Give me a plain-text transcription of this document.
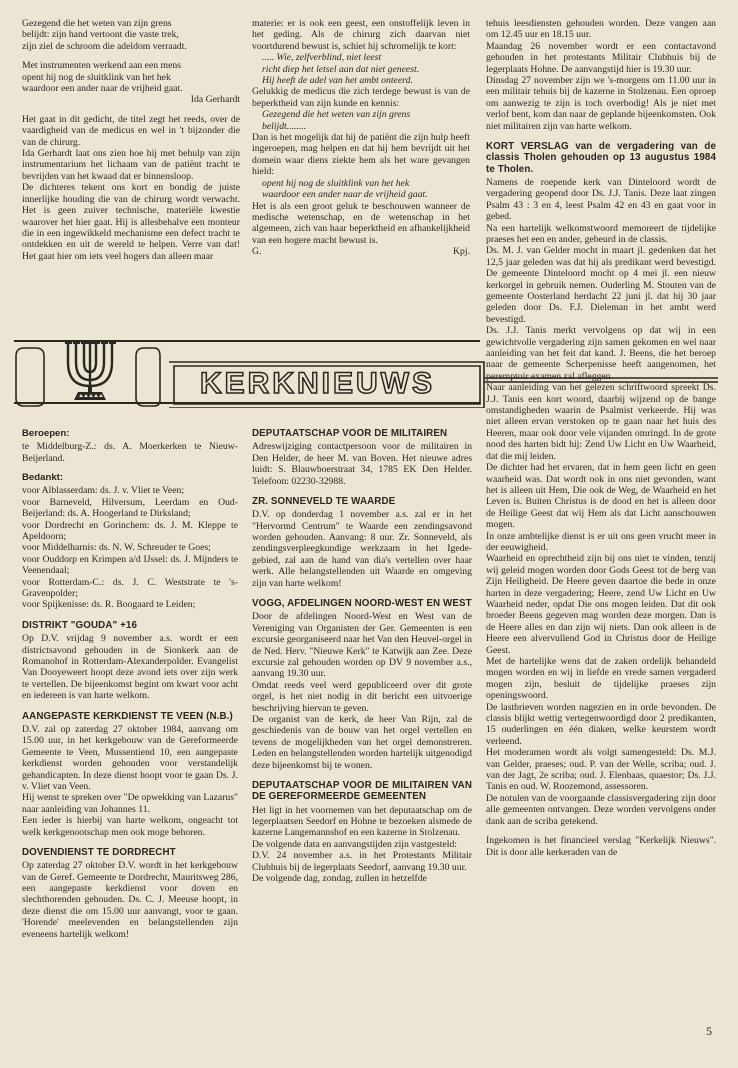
Gezegend die het weten van zijn grens
belijdt: zijn hand vertoont die vaste trek,
zijn ziel de schroom die adeldom verraadt.
Met instrumenten werkend aan een mens
opent hij nog de sluitklink van het hek
waardoor een ander naar de vrijheid gaat.
Ida Gerhardt

Het gaat in dit gedicht, de titel zegt het reeds, over de vaardigheid van de medicus en wel in 't bijzonder die van de chirurg.

Ida Gerhardt laat ons zien hoe hij met behulp van zijn instrumentarium het lichaam van de patiënt tracht te bevrijden van het kwaad dat er binnensloop.

De dichteres tekent ons kort en bondig de juiste innerlijke houding die van de chirurg wordt verwacht. Het is geen zuiver technische, materiële kwestie waarover het hier gaat. Hij is allesbehalve een monteur die in een ingewikkeld mechanisme een defect tracht te ontdekken en uit de wereld te helpen. Verre van dat! Het gaat hier om iets veel hogers dan alleen maar

materie: er is ook een geest, een onstoffelijk leven in het geding. Als de chirurg zich daarvan niet voortdurend bewust is, schiet hij schromelijk te kort:

..... Wie, zelfverblind, niet leest
richt diep het letsel aan dat niet geneest.
Hij heeft de adel van het ambt onteerd.

Gelukkig de medicus die zich terdege bewust is van de beperktheid van zijn kunde en kennis:

Gezegend die het weten van zijn grens
belijdt........

Dan is het mogelijk dat hij de patiënt die zijn hulp heeft ingeroepen, mag helpen en dat hij hem bevrijdt uit het domein waar diens ziekte hem als het ware gevangen hield:

opent hij nog de sluitklink van het hek
waardoor een ander naar de vrijheid gaat.

Het is als een groot geluk te beschouwen wanneer de medische wetenschap, en de wetenschap in het algemeen, zich van haar beperktheid en afhankelijkheid van een hogere macht bewust is.

G.	Kpj.

tehuis leesdiensten gehouden worden. Deze vangen aan om 12.45 uur en 18.15 uur.

Maandag 26 november wordt er een contactavond gehouden in het protestants Militair Clubhuis bij de legerplaats Hohne. De aanvangstijd hier is 19.30 uur.

Dinsdag 27 november zijn we 's-morgens om 11.00 uur in een militair tehuis bij de kazerne in Stolzenau. Een oproep om aanwezig te zijn is toch overbodig! Als je niet met verlof bent, kom dan naar de geplande bijeenkomsten. Ook niet militairen zijn van harte welkom.

KORT VERSLAG van de vergadering van de classis Tholen gehouden op 13 augustus 1984 te Tholen.

Namens de roepende kerk van Dinteloord wordt de vergadering geopend door Ds. J.J. Tanis. Deze laat zingen Psalm 43 : 3 en 4, leest Psalm 42 en 43 en gaat voor in gebed.

Na een hartelijk welkomstwoord memoreert de tijdelijke praeses het een en ander, gebeurd in de classis.

Ds. M. J. van Gelder mocht in maart jl. gedenken dat het 12,5 jaar geleden was dat hij als predikant werd bevestigd. De gemeente Dinteloord mocht op 4 mei jl. een nieuw kerkorgel in gebruik nemen. Ouderling M. Stouten van de gemeente Oosterland herdacht 22 juni jl. dat hij 30 jaar geleden door Ds. F.J. Dieleman in het ambt werd bevestigd.

Ds. J.J. Tanis merkt vervolgens op dat wij in een gewichtvolle vergadering zijn samen gekomen en wel naar aanleiding van het feit dat kand. J. Beens, die het beroep naar de gemeente Scherpenisse heeft aangenomen, het peremptoir examen zal afleggen.

Naar aanleiding van het gelezen schriftwoord spreekt Ds. J.J. Tanis een kort woord, daarbij wijzend op de bange omstandigheden waarin de Psalmist verkeerde. Hij was niet alleen ervan verstoken op te gaan naar het huis des Heeren, maar ook door vele vijanden omringd. In de grote nood des harten bidt hij: Zend Uw Licht en Uw Waarheid, dat die mij leiden.

De dichter had het ervaren, dat in hem geen licht en geen waarheid was. Dat wordt ook in ons niet gevonden, want het is alleen uit Hem, Die ook de Weg, de Waarheid en het Leven is. Buiten Christus is de dood en het is alleen door de Heilige Geest dat wij Hem als dat Licht aanschouwen mogen.

In onze ambtelijke dienst is er uit ons geen vrucht meer in der eeuwigheid.

Waarheid en oprechtheid zijn bij ons niet te vinden, tenzij wij geleid mogen worden door Gods Geest tot de berg van Zijn Heiligheid. De Heere geven daartoe die bede in onze harten in deze vergadering; Heere, zend Uw Licht en Uw Waarheid neder, opdat Die ons mogen leiden. Dat dit ook broeder Beens gegeven mag worden deze morgen. Dan is de Heere alles en dan zijn wij niets. Dan ook alleen is de Heere een alvervullend God in Christus door de Heilige Geest.

Met de hartelijke wens dat de zaken ordelijk behandeld mogen worden en wij in liefde en vrede samen vergaderd mogen zijn, besluit de tijdelijke praeses zijn openingswoord.

De lastbrieven worden nagezien en in orde bevonden. De classis blijkt wettig vertegenwoordigd door 2 predikanten, 15 ouderlingen en één diaken, welke keurstem wordt verleend.

Het moderamen wordt als volgt samengesteld: Ds. M.J. van Gelder, praeses; oud. P. van der Welle, scriba; oud. J. van der Jagt, 2e scriba; oud. J. Elenbaas, quaestor; Ds. J.J. Tanis en oud. W. Roozemond, assessoren.

De notulen van de voorgaande classisvergadering zijn door alle gemeenten ontvangen. Deze worden vervolgens onder dank aan de scriba getekend.

Ingekomen is het financieel verslag "Kerkelijk Nieuws". Dit is door alle kerkeraden van de

KERKNIEUWS
Beroepen:

te Middelburg-Z.: ds. A. Moerkerken te Nieuw-Beijerland.

Bedankt:

voor Alblasserdam: ds. J. v. Vliet te Veen;

voor Barneveld, Hilversum, Leerdam en Oud-Beijerland: ds. A. Hoogerland te Dirksland;

voor Dordrecht en Gorinchem: ds. J. M. Kleppe te Apeldoorn;

voor Middelharnis: ds. N. W. Schreuder te Goes;

voor Ouddorp en Krimpen a/d IJssel: ds. J. Mijnders te Veenendaal;

voor Rotterdam-C.: ds. J. C. Weststrate te 's-Gravenpolder;

voor Spijkenisse: ds. R. Boogaard te Leiden;

DISTRIKT "GOUDA" +16

Op D.V. vrijdag 9 november a.s. wordt er een districtsavond gehouden in de Sionkerk aan de Romanohof in Rotterdam-Alexanderpolder. Evangelist Van Dooyeweert hoopt deze avond iets over zijn werk te vertellen. De bijeenkomst begint om kwart voor acht en iedereen is van harte welkom.

AANGEPASTE KERKDIENST TE VEEN (N.B.)

D.V. zal op zaterdag 27 oktober 1984, aanvang om 15.00 uur, in het kerkgebouw van de Gereformeerde Gemeente te Veen, Mussentiend 10, een aangepaste kerkdienst worden gehouden voor verstandelijk gehandicapten. In deze dienst hoopt voor te gaan Ds. J. v. Vliet van Veen.

Hij wenst te spreken over "De opwekking van Lazarus" naar aanleiding van Johannes 11.

Een ieder is hierbij van harte welkom, ongeacht tot welk kerkgenootschap men ook moge behoren.

DOVENDIENST TE DORDRECHT

Op zaterdag 27 oktober D.V. wordt in het kerkgebouw van de Geref. Gemeente te Dordrecht, Mauritsweg 286, een aangepaste kerkdienst voor doven en slechthorenden gehouden. Ds. C. J. Meeuse hoopt, in deze dienst die om 15.00 uur aanvangt, voor te gaan. 'Horende' meelevenden en belangstellenden zijn eveneens hartelijk welkom!

DEPUTAATSCHAP VOOR DE MILITAIREN

Adreswijziging contactpersoon voor de militairen in Den Helder, de heer M. van Boven. Het nieuwe adres luidt: S. Blauwboerstraat 34, 1785 EK Den Helder. Telefoon: 02230-32988.

ZR. SONNEVELD TE WAARDE

D.V. op donderdag 1 november a.s. zal er in het "Hervormd Centrum" te Waarde een zendingsavond worden gehouden. Aanvang: 8 uur. Zr. Sonneveld, als zendingsverpleegkundige werkzaam in het Igede-gebied, zal aan de hand van dia's vertellen over haar werk. Alle belangstellenden uit Waarde en omgeving zijn van harte welkom!

VOGG, AFDELINGEN NOORD-WEST EN WEST

Door de afdelingen Noord-West en West van de Vereniging van Organisten der Ger. Gemeenten is een excursie georganiseerd naar het Van den Heuvel-orgel in de Ned. Herv. "Nieuwe Kerk" te Katwijk aan Zee. Deze excursie zal gehouden worden op DV 9 november a.s., aanvang 19.30 uur.

Omdat reeds veel werd gepubliceerd over dit grote orgel, is het niet nodig in dit bericht een uitvoerige beschrijving hiervan te geven.

De organist van de kerk, de heer Van Rijn, zal de geschiedenis van de bouw van het orgel vertellen en tevens de mogelijkheden van het orgel demonstreren. Leden en belangstellenden worden hartelijk uitgenodigd deze bijeenkomst bij te wonen.

DEPUTAATSCHAP VOOR DE MILITAIREN VAN DE GEREFORMEERDE GEMEENTEN

Het ligt in het voornemen van het deputaatschap om de legerplaatsen Seedorf en Hohne te bezoeken alsmede de kazerne Langemannshof en een kazerne in Stolzenau.

De volgende data en aanvangstijden zijn vastgesteld:

D.V. 24 november a.s. in het Protestants Militair Clubhuis bij de legerplaats Seedorf, aanvang 19.30 uur.

De volgende dag, zondag, zullen in hetzelfde

5
